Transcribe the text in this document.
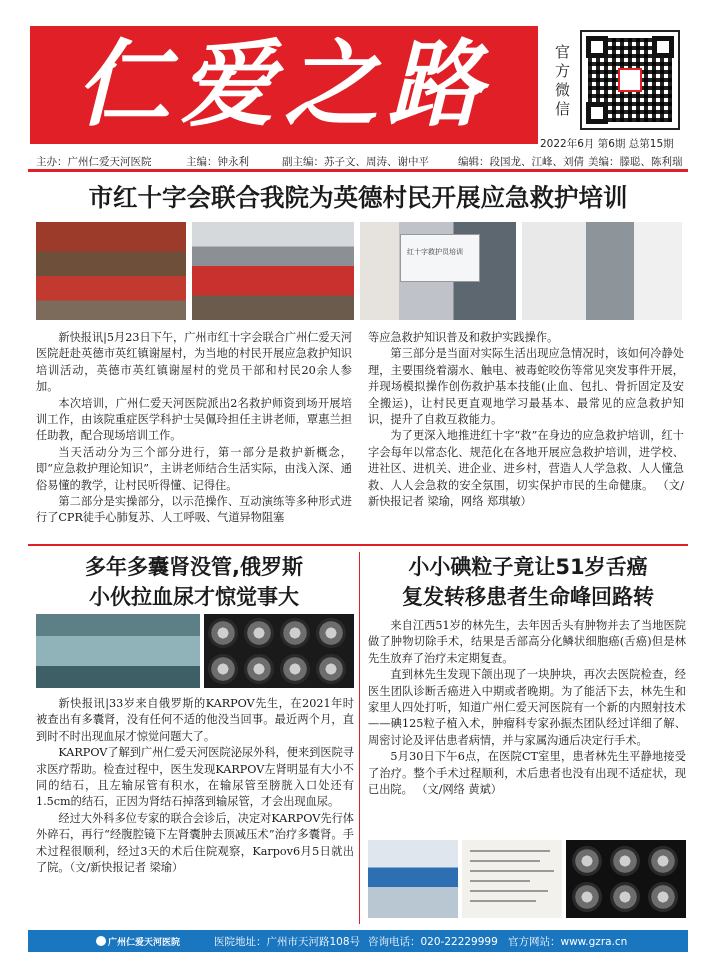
仁爱之路	官方微信
2022年6月 第6期 总第15期
主办：广州仁爱天河医院	主编：钟永利	副主编：苏子文、周涛、谢中平	编辑：段国龙、江峰、刘倩 美编：滕聪、陈利瑞
市红十字会联合我院为英德村民开展应急救护培训
红十字救护员培训

新快报讯|5月23日下午，广州市红十字会联合广州仁爱天河医院赶赴英德市英红镇谢屋村，为当地的村民开展应急救护知识培训活动，英德市英红镇谢屋村的党员干部和村民20余人参加。

本次培训，广州仁爱天河医院派出2名救护师资到场开展培训工作，由该院重症医学科护士吴佩玲担任主讲老师，覃惠兰担任助教，配合现场培训工作。

当天活动分为三个部分进行，第一部分是救护新概念，即“应急救护理论知识”，主讲老师结合生活实际，由浅入深、通俗易懂的教学，让村民听得懂、记得住。

第二部分是实操部分，以示范操作、互动演练等多种形式进行了CPR徒手心肺复苏、人工呼吸、气道异物阻塞

等应急救护知识普及和救护实践操作。

第三部分是当面对实际生活出现应急情况时，该如何冷静处理，主要围绕着溺水、触电、被毒蛇咬伤等常见突发事件开展，并现场模拟操作创伤救护基本技能(止血、包扎、骨折固定及安全搬运)，让村民更直观地学习最基本、最常见的应急救护知识，提升了自救互救能力。

为了更深入地推进红十字“救”在身边的应急救护培训，红十字会每年以常态化、规范化在各地开展应急救护培训，进学校、进社区、进机关、进企业、进乡村，营造人人学急救、人人懂急救、人人会急救的安全氛围，切实保护市民的生命健康。 （文/新快报记者 梁瑜，网络 郑琪敏）

多年多囊肾没管,俄罗斯
小伙拉血尿才惊觉事大

新快报讯|33岁来自俄罗斯的KARPOV先生，在2021年时被查出有多囊肾，没有任何不适的他没当回事。最近两个月，直到时不时出现血尿才惊觉问题大了。

KARPOV了解到广州仁爱天河医院泌尿外科，便来到医院寻求医疗帮助。检查过程中，医生发现KARPOV左肾明显有大小不同的结石，且左输尿管有积水，在输尿管至膀胱入口处还有1.5cm的结石，正因为肾结石掉落到输尿管，才会出现血尿。

经过大外科多位专家的联合会诊后，决定对KARPOV先行体外碎石，再行“经腹腔镜下左肾囊肿去顶减压术”治疗多囊肾。手术过程很顺利，经过3天的术后住院观察，Karpov6月5日就出了院。（文/新快报记者 梁瑜）

小小碘粒子竟让51岁舌癌
复发转移患者生命峰回路转

来自江西51岁的林先生，去年因舌头有肿物并去了当地医院做了肿物切除手术，结果是舌部高分化鳞状细胞癌(舌癌)但是林先生放弃了治疗未定期复查。

直到林先生发现下颌出现了一块肿块，再次去医院检查，经医生团队诊断舌癌进入中期或者晚期。为了能活下去，林先生和家里人四处打听，知道广州仁爱天河医院有一个新的内照射技术——碘125粒子植入术，肿瘤科专家孙振杰团队经过详细了解、周密讨论及评估患者病情，并与家属沟通后决定行手术。

5月30日下午6点，在医院CT室里，患者林先生平静地接受了治疗。整个手术过程顺利，术后患者也没有出现不适症状，现已出院。 （文/网络 黄斌）

广州仁爱天河医院	医院地址：广州市天河路108号 咨询电话：020-22229999 官方网站：www.gzra.cn
